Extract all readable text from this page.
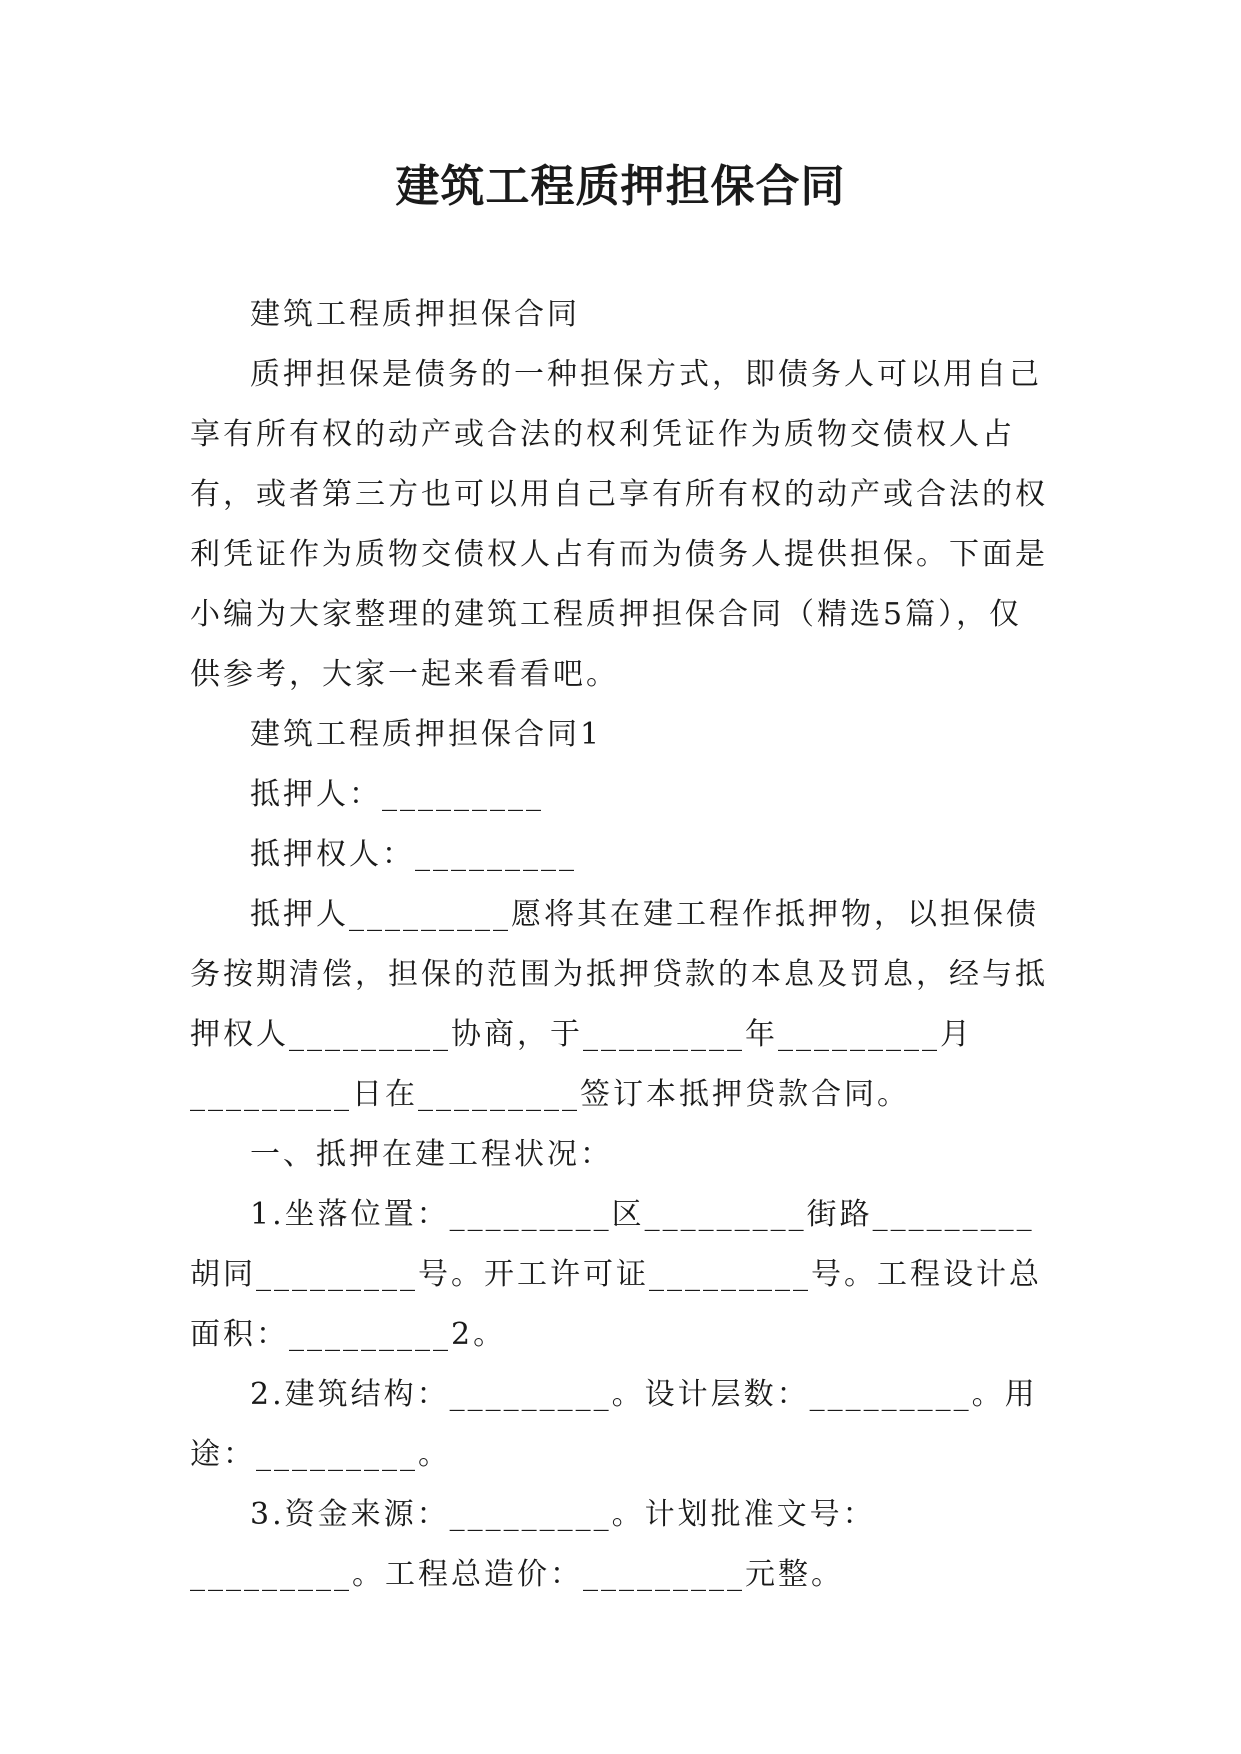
建筑工程质押担保合同

建筑工程质押担保合同

质押担保是债务的一种担保方式，即债务人可以用自己享有所有权的动产或合法的权利凭证作为质物交债权人占有，或者第三方也可以用自己享有所有权的动产或合法的权利凭证作为质物交债权人占有而为债务人提供担保。下面是小编为大家整理的建筑工程质押担保合同（精选5篇），仅供参考，大家一起来看看吧。

建筑工程质押担保合同1

抵押人：_________

抵押权人：_________

抵押人_________愿将其在建工程作抵押物，以担保债务按期清偿，担保的范围为抵押贷款的本息及罚息，经与抵押权人_________协商，于_________年_________月_________日在_________签订本抵押贷款合同。

一、抵押在建工程状况：

1.坐落位置：_________区_________街路_________胡同_________号。开工许可证_________号。工程设计总面积：_________2。

2.建筑结构：_________。设计层数：_________。用途：_________。

3.资金来源：_________。计划批准文号：_________。工程总造价：_________元整。
